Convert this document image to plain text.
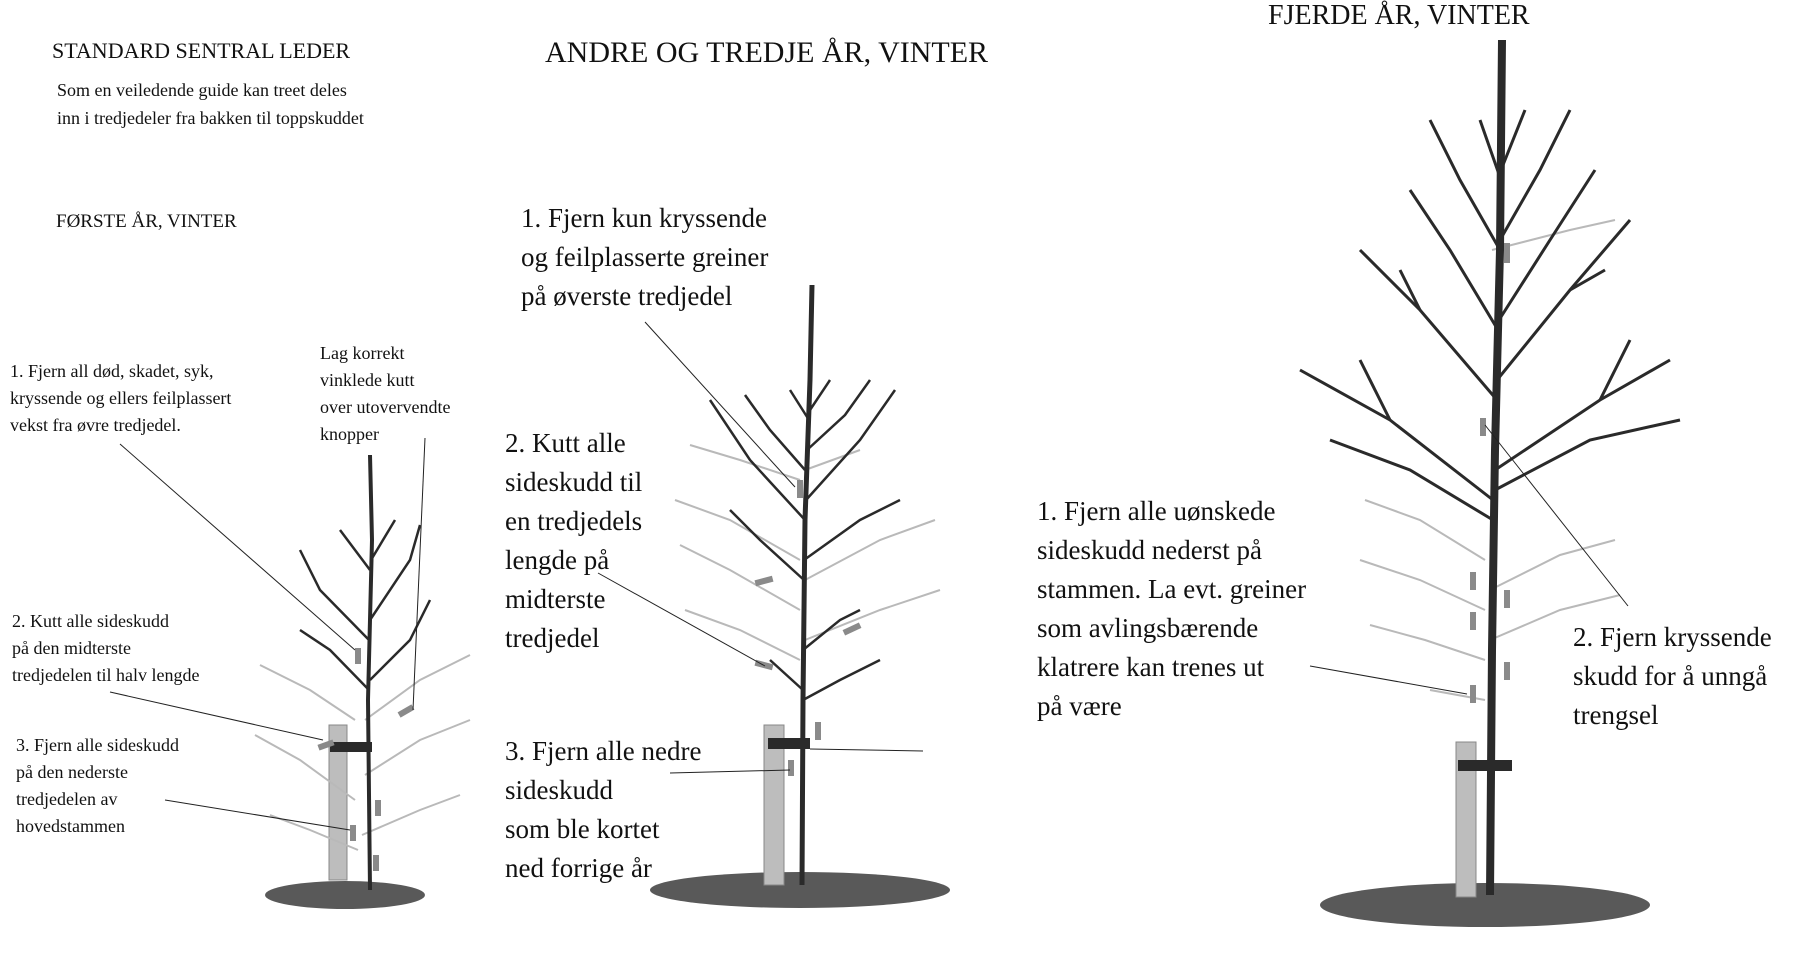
STANDARD SENTRAL LEDER

Som en veiledende guide kan treet deles
inn i tredjedeler fra bakken til toppskuddet

FØRSTE ÅR, VINTER

1. Fjern all død, skadet, syk,
kryssende og ellers feilplassert
vekst fra øvre tredjedel.

Lag korrekt
vinklede kutt
over utovervendte
knopper

2. Kutt alle sideskudd
på den midterste
tredjedelen til halv lengde

3. Fjern alle sideskudd
på den nederste
tredjedelen av
hovedstammen

ANDRE OG TREDJE ÅR, VINTER

1. Fjern kun kryssende
og feilplasserte greiner
på øverste tredjedel

2. Kutt alle
sideskudd til
en tredjedels
lengde på
midterste
tredjedel

3. Fjern alle nedre
sideskudd
som ble kortet
ned forrige år

FJERDE ÅR, VINTER

1. Fjern alle uønskede
sideskudd nederst på
stammen. La evt. greiner
som avlingsbærende
klatrere kan trenes ut
på være

2. Fjern kryssende
skudd for å unngå
trengsel
